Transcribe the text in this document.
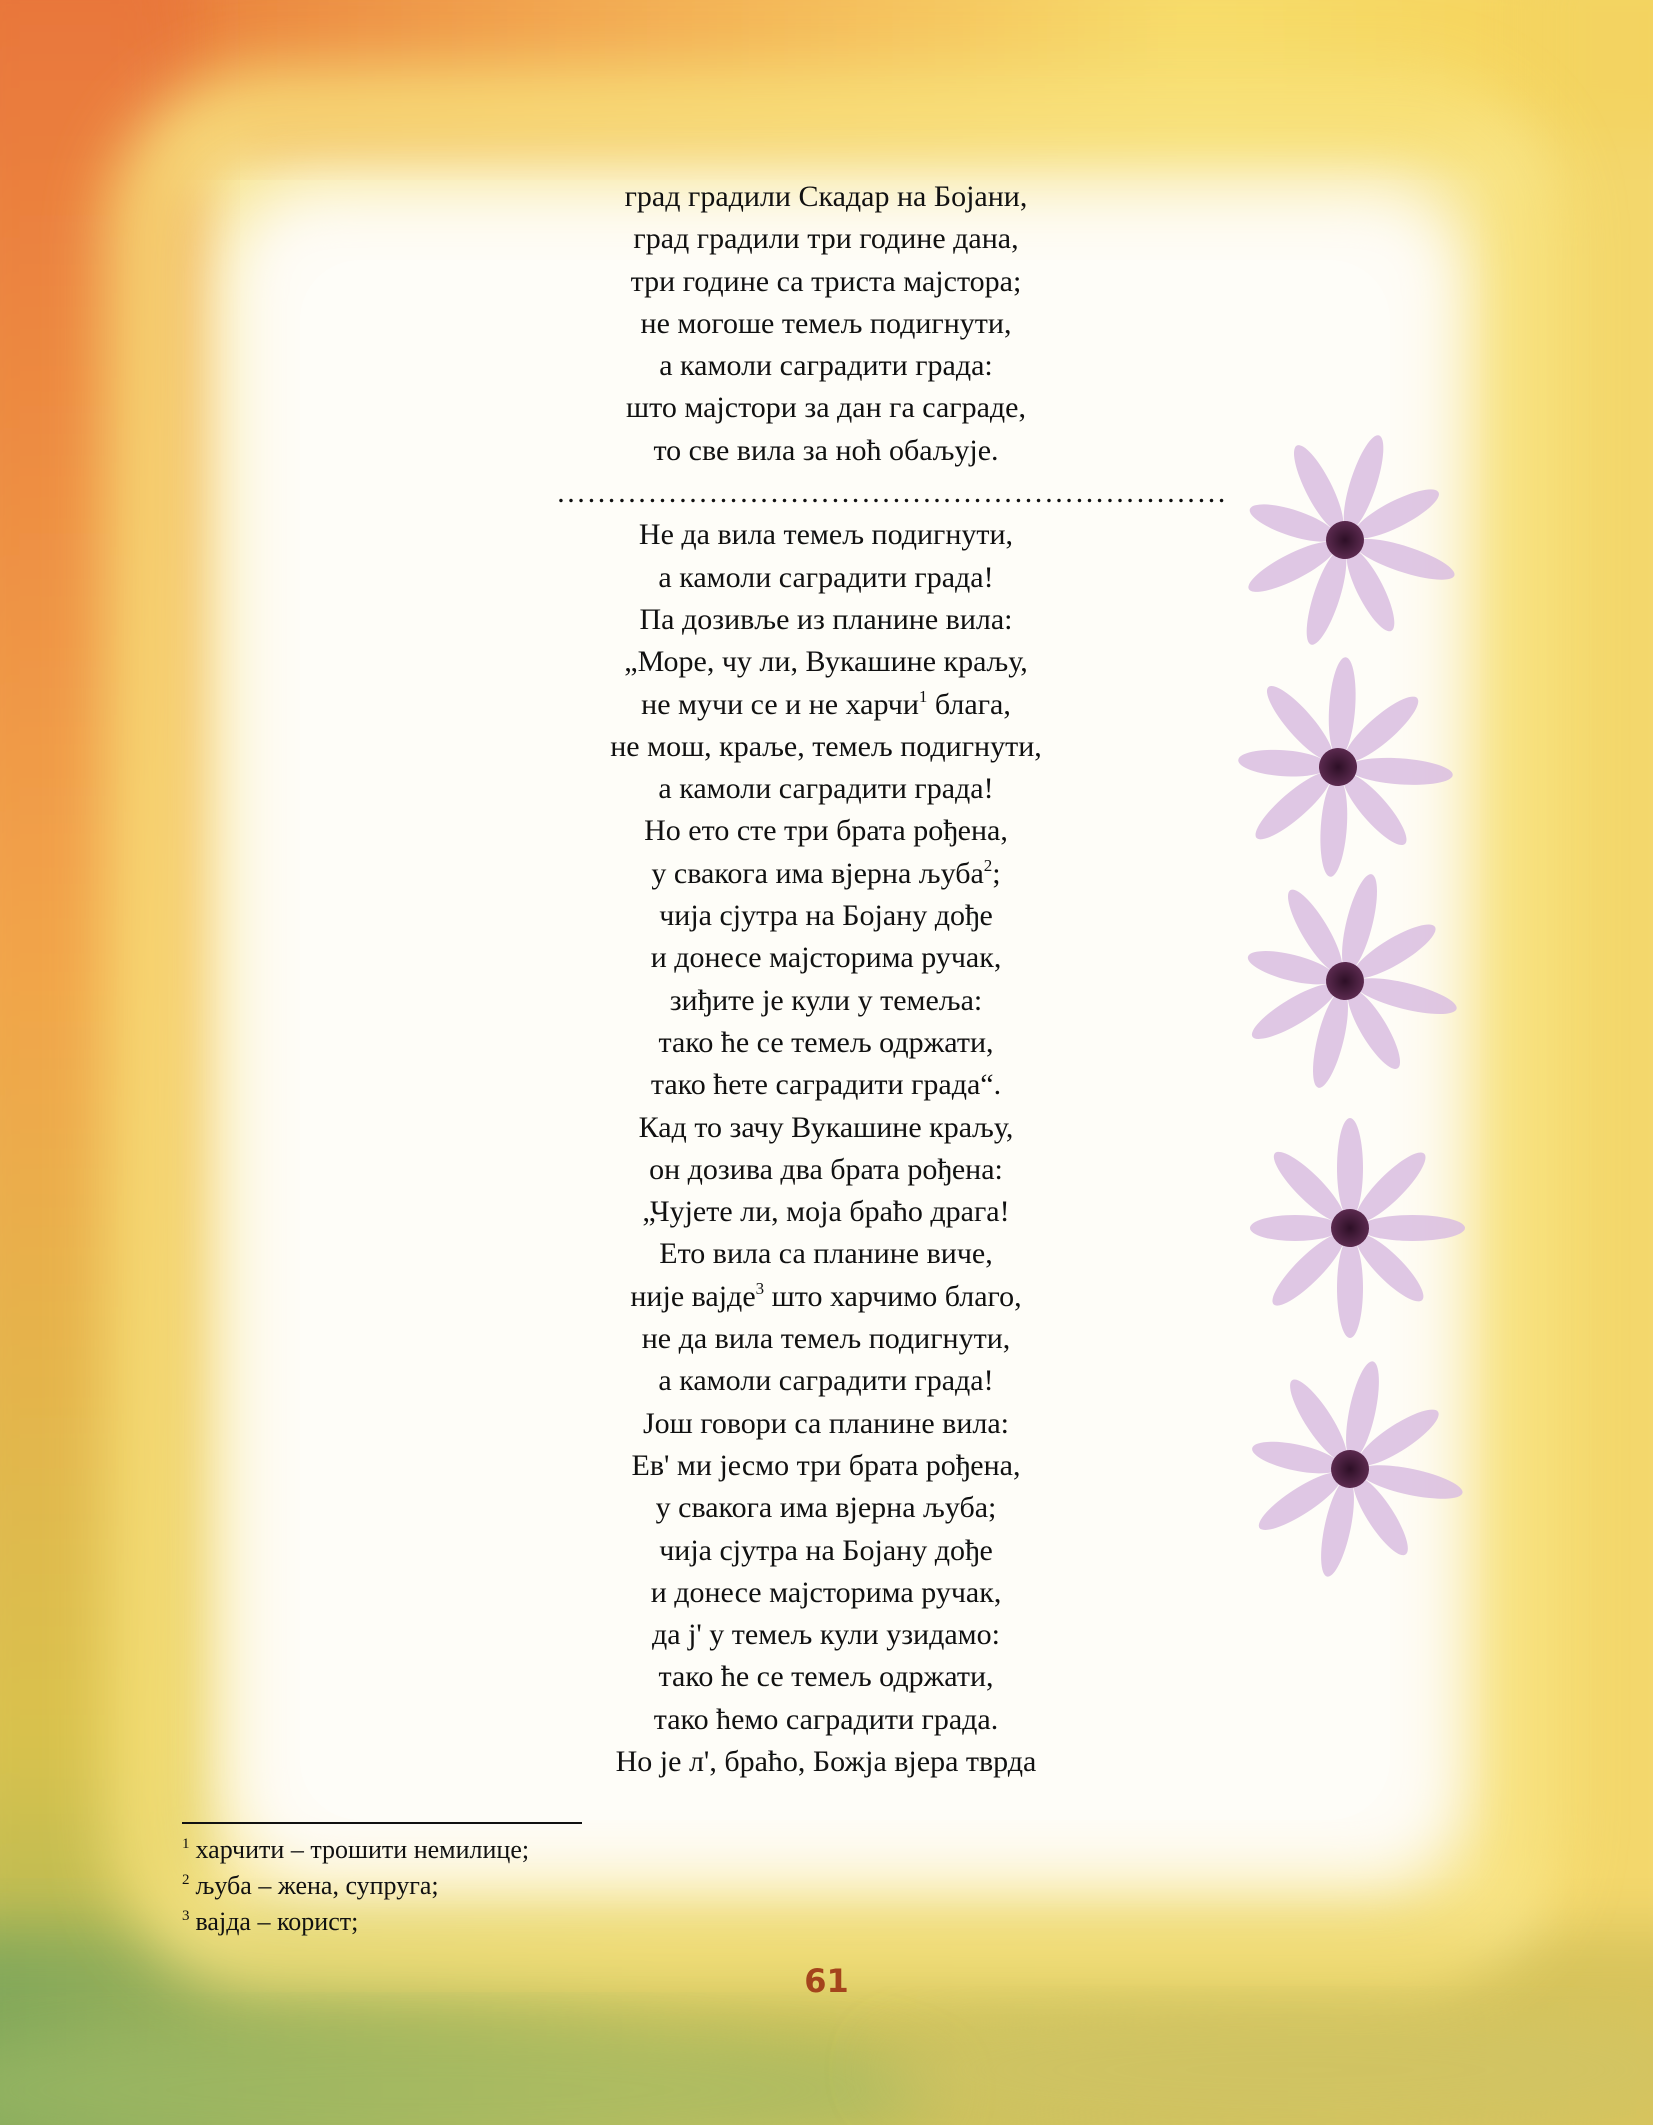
град градили Скадар на Бојани,
град градили три године дана,
три године са триста мајстора;
не могоше темељ подигнути,
а камоли саградити града:
што мајстори за дан га саграде,
то све вила за ноћ обаљује.
…………………………………………………………
Не да вила темељ подигнути,
а камоли саградити града!
Па дозивље из планине вила:
„Море, чу ли, Вукашине краљу,
не мучи се и не харчи$^1$ блага,
не мош, краље, темељ подигнути,
а камоли саградити града!
Но ето сте три брата рођена,
у свакога има вјерна љуба$^2$;
чија сјутра на Бојану дође
и донесе мајсторима ручак,
зиђите је кули у темеља:
тако ће се темељ одржати,
тако ћете саградити града“.
Кад то зачу Вукашине краљу,
он дозива два брата рођена:
„Чујете ли, моја браћо драга!
Ето вила са планине виче,
није вајде$^3$ што харчимо благо,
не да вила темељ подигнути,
а камоли саградити града!
Још говори са планине вила:
Ев' ми јесмо три брата рођена,
у свакога има вјерна љуба;
чија сјутра на Бојану дође
и донесе мајсторима ручак,
да ј' у темељ кули узидамо:
тако ће се темељ одржати,
тако ћемо саградити града.
Но је л', браћо, Божја вјера тврда
$^1$ харчити – трошити немилице;
$^2$ љуба – жена, супруга;
$^3$ вајда – корист;
61
